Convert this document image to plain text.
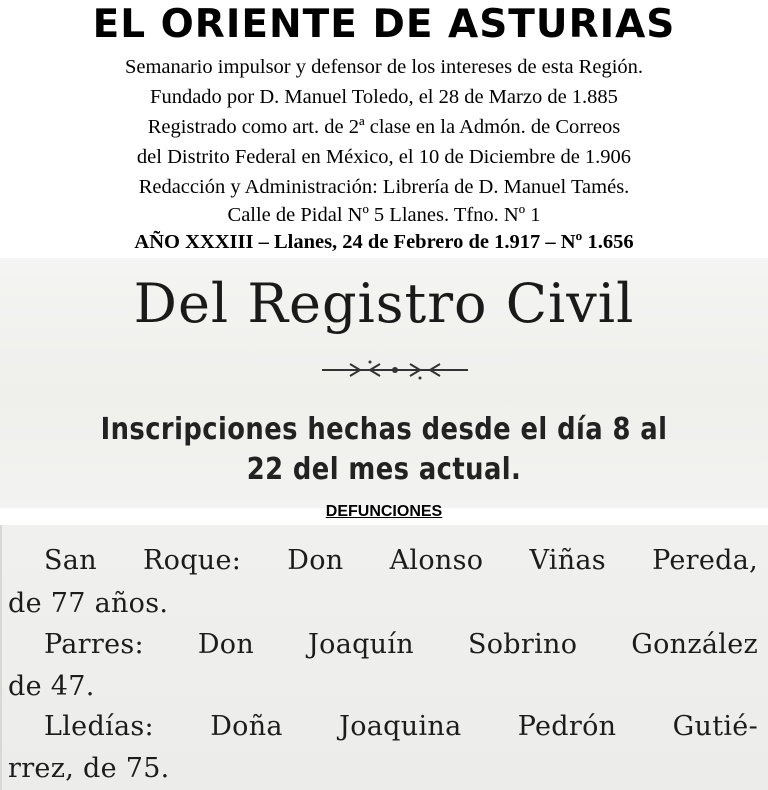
EL ORIENTE DE ASTURIAS
Semanario impulsor y defensor de los intereses de esta Región.
Fundado por D. Manuel Toledo, el 28 de Marzo de 1.885
Registrado como art. de 2ª clase en la Admón. de Correos
del Distrito Federal en México, el 10 de Diciembre de 1.906
Redacción y Administración: Librería de D. Manuel Tamés.
Calle de Pidal Nº 5 Llanes. Tfno. Nº 1
AÑO XXXIII – Llanes, 24 de Febrero de 1.917 – Nº 1.656
Del Registro Civil
Inscripciones hechas desde el día 8 al
22 del mes actual.
DEFUNCIONES
San Roque: Don Alonso Viñas Pereda,
de 77 años.
Parres: Don Joaquín Sobrino González
de 47.
Lledías: Doña Joaquina Pedrón Gutié-
rrez, de 75.
